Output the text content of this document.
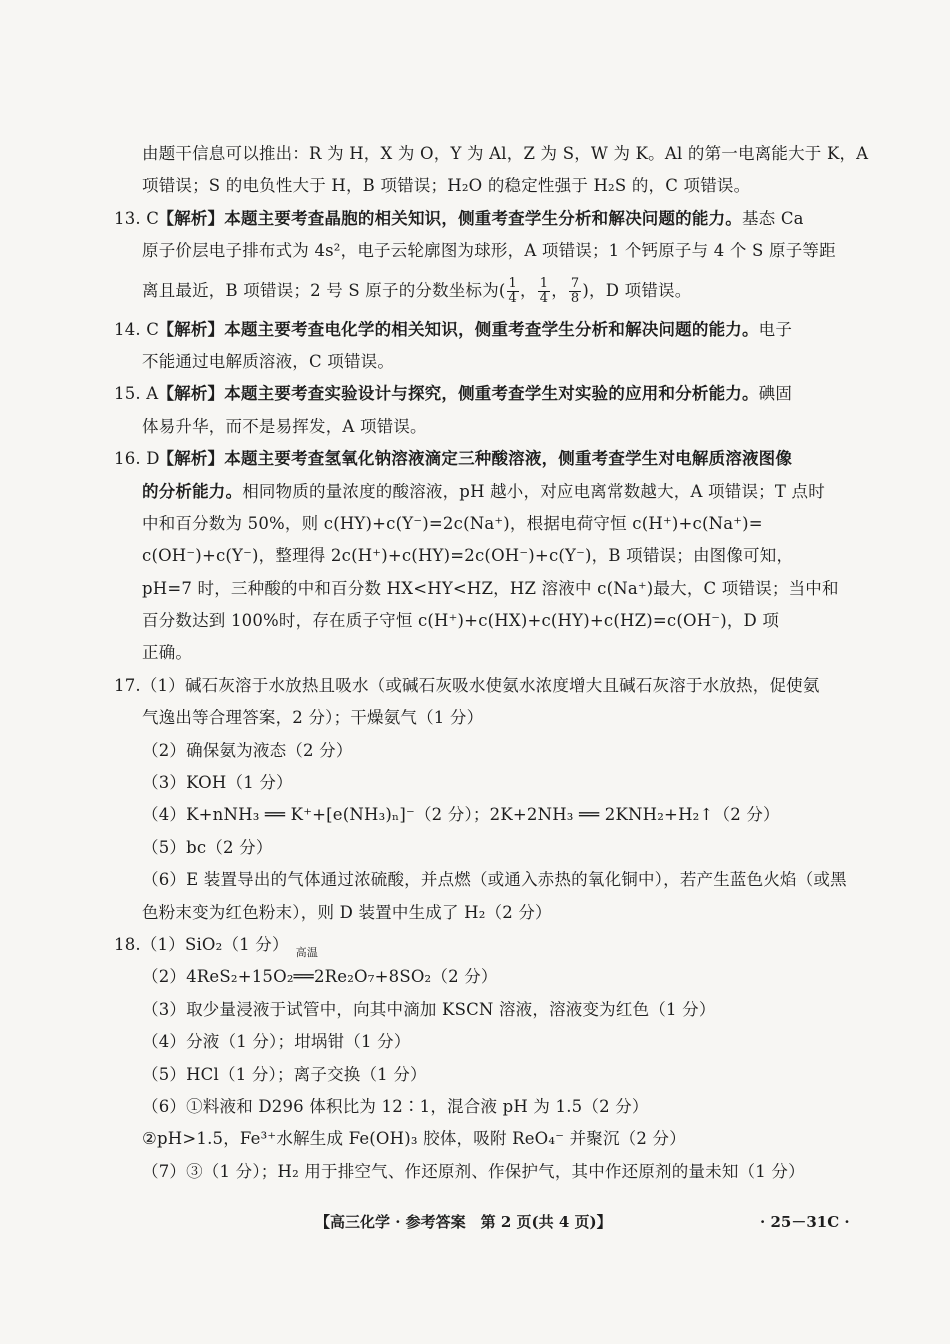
由题干信息可以推出：R 为 H，X 为 O，Y 为 Al，Z 为 S，W 为 K。Al 的第一电离能大于 K，A
项错误；S 的电负性大于 H，B 项错误；H₂O 的稳定性强于 H₂S 的，C 项错误。
13. C 【解析】本题主要考查晶胞的相关知识，侧重考查学生分析和解决问题的能力。基态 Ca
原子价层电子排布式为 4s²，电子云轮廓图为球形，A 项错误；1 个钙原子与 4 个 S 原子等距
离且最近，B 项错误；2 号 S 原子的分数坐标为( $\frac{1}{4}$ ， $\frac{1}{4}$ ， $\frac{7}{8}$ )，D 项错误。
14. C 【解析】本题主要考查电化学的相关知识，侧重考查学生分析和解决问题的能力。电子
不能通过电解质溶液，C 项错误。
15. A 【解析】本题主要考查实验设计与探究，侧重考查学生对实验的应用和分析能力。碘固
体易升华，而不是易挥发，A 项错误。
16. D 【解析】本题主要考查氢氧化钠溶液滴定三种酸溶液，侧重考查学生对电解质溶液图像
的分析能力。相同物质的量浓度的酸溶液，pH 越小，对应电离常数越大，A 项错误；T 点时
中和百分数为 50%，则 c(HY)+c(Y⁻)=2c(Na⁺)，根据电荷守恒 c(H⁺)+c(Na⁺)=
c(OH⁻)+c(Y⁻)，整理得 2c(H⁺)+c(HY)=2c(OH⁻)+c(Y⁻)，B 项错误；由图像可知，
pH=7 时，三种酸的中和百分数 HX<HY<HZ，HZ 溶液中 c(Na⁺)最大，C 项错误；当中和
百分数达到 100%时，存在质子守恒 c(H⁺)+c(HX)+c(HY)+c(HZ)=c(OH⁻)，D 项
正确。
17.（1）碱石灰溶于水放热且吸水（或碱石灰吸水使氨水浓度增大且碱石灰溶于水放热，促使氨
气逸出等合理答案，2 分）；干燥氨气（1 分）
（2）确保氨为液态（2 分）
（3）KOH（1 分）
（4）K+nNH₃ ══ K⁺+[e(NH₃)ₙ]⁻（2 分）；2K+2NH₃ ══ 2KNH₂+H₂↑（2 分）
（5）bc（2 分）
（6）E 装置导出的气体通过浓硫酸，并点燃（或通入赤热的氧化铜中），若产生蓝色火焰（或黑
色粉末变为红色粉末），则 D 装置中生成了 H₂（2 分）
18.（1）SiO₂（1 分）
（2）4ReS₂+15O₂
高温
══2Re₂O₇+8SO₂（2 分）
（3）取少量浸液于试管中，向其中滴加 KSCN 溶液，溶液变为红色（1 分）
（4）分液（1 分）；坩埚钳（1 分）
（5）HCl（1 分）；离子交换（1 分）
（6）①料液和 D296 体积比为 12∶1，混合液 pH 为 1.5（2 分）
②pH>1.5，Fe³⁺水解生成 Fe(OH)₃ 胶体，吸附 ReO₄⁻ 并聚沉（2 分）
（7）③（1 分）；H₂ 用于排空气、作还原剂、作保护气，其中作还原剂的量未知（1 分）
【高三化学 · 参考答案　第 2 页(共 4 页)】	· 25－31C ·
